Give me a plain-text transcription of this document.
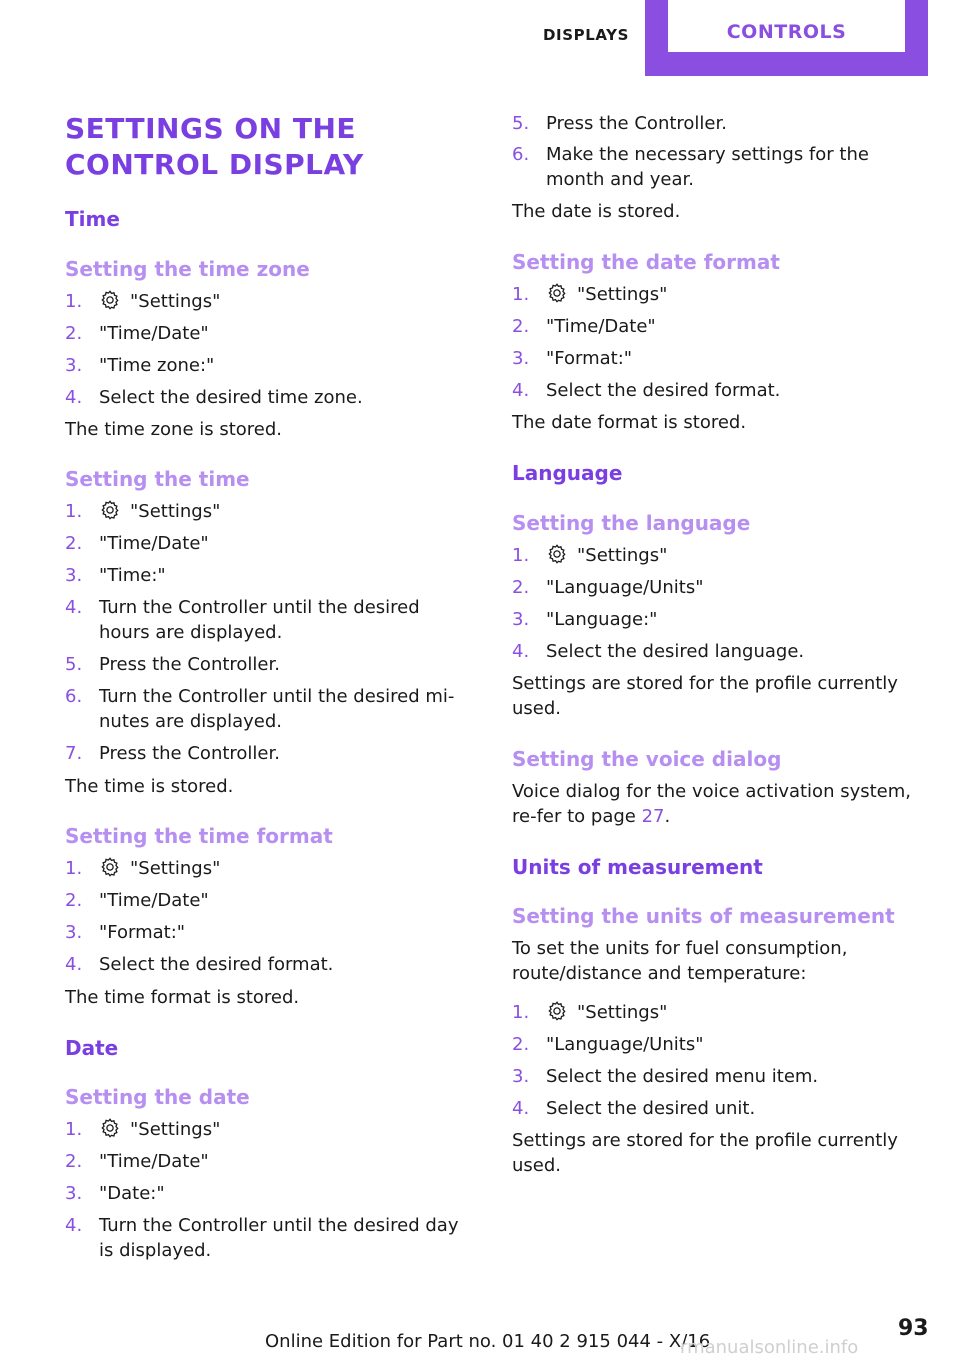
DISPLAYS	CONTROLS
SETTINGS ON THE CONTROL DISPLAY
Time
Setting the time zone
1.	"Settings"
2. "Time/Date"
3. "Time zone:"
4. Select the desired time zone.

The time zone is stored.

Setting the time
1.	"Settings"
2. "Time/Date"
3. "Time:"
4. Turn the Controller until the desired hours are displayed.
5. Press the Controller.
6. Turn the Controller until the desired mi‐nutes are displayed.
7. Press the Controller.

The time is stored.

Setting the time format
1.	"Settings"
2. "Time/Date"
3. "Format:"
4. Select the desired format.

The time format is stored.

Date
Setting the date
1.	"Settings"
2. "Time/Date"
3. "Date:"
4. Turn the Controller until the desired day is displayed.
5. Press the Controller.
6. Make the necessary settings for the month and year.

The date is stored.

Setting the date format
1.	"Settings"
2. "Time/Date"
3. "Format:"
4. Select the desired format.

The date format is stored.

Language
Setting the language
1.	"Settings"
2. "Language/Units"
3. "Language:"
4. Select the desired language.

Settings are stored for the profile currently used.

Setting the voice dialog

Voice dialog for the voice activation system, re‐fer to page 27.

Units of measurement
Setting the units of measurement

To set the units for fuel consumption, route/distance and temperature:

1.	"Settings"
2. "Language/Units"
3. Select the desired menu item.
4. Select the desired unit.

Settings are stored for the profile currently used.

93
Online Edition for Part no. 01 40 2 915 044 - X/16
rmanualsonline.info
